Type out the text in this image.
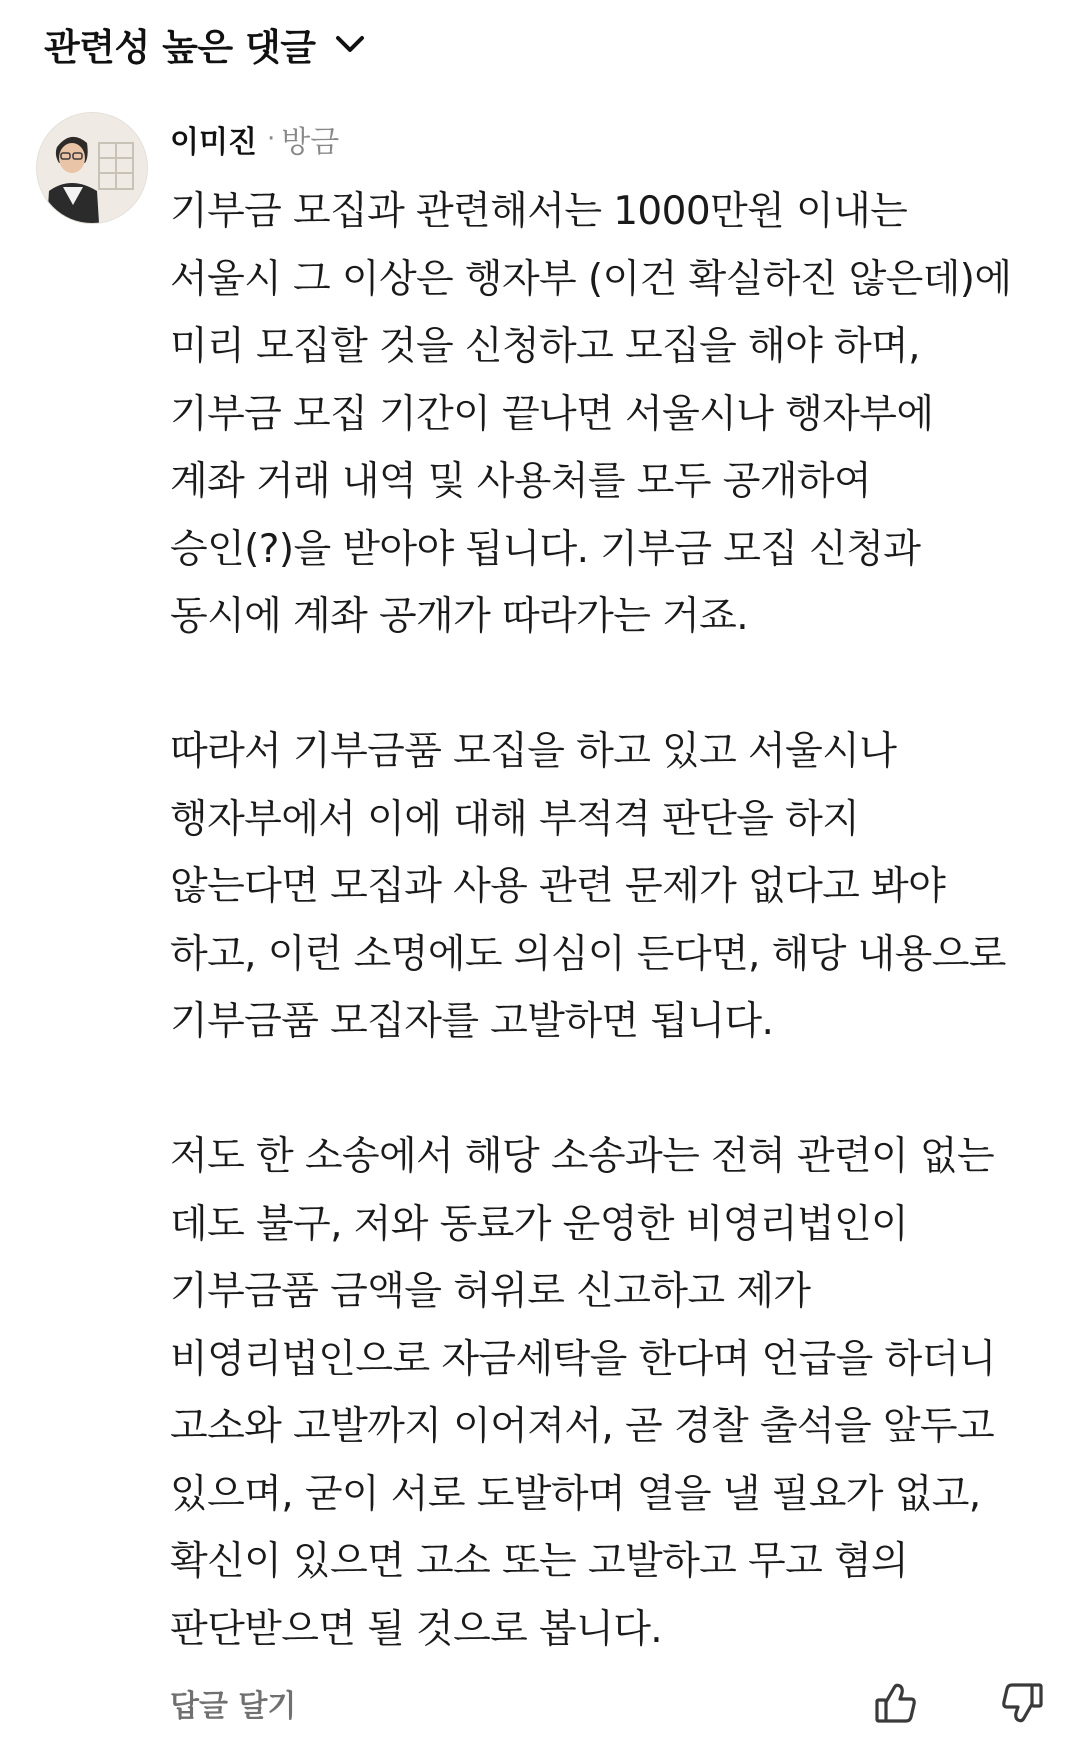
관련성 높은 댓글
이미진 · 방금
기부금 모집과 관련해서는 1000만원 이내는
서울시 그 이상은 행자부 (이건 확실하진 않은데)에
미리 모집할 것을 신청하고 모집을 해야 하며,
기부금 모집 기간이 끝나면 서울시나 행자부에
계좌 거래 내역 및 사용처를 모두 공개하여
승인(?)을 받아야 됩니다. 기부금 모집 신청과
동시에 계좌 공개가 따라가는 거죠.
따라서 기부금품 모집을 하고 있고 서울시나
행자부에서 이에 대해 부적격 판단을 하지
않는다면 모집과 사용 관련 문제가 없다고 봐야
하고, 이런 소명에도 의심이 든다면, 해당 내용으로
기부금품 모집자를 고발하면 됩니다.
저도 한 소송에서 해당 소송과는 전혀 관련이 없는
데도 불구, 저와 동료가 운영한 비영리법인이
기부금품 금액을 허위로 신고하고 제가
비영리법인으로 자금세탁을 한다며 언급을 하더니
고소와 고발까지 이어져서, 곧 경찰 출석을 앞두고
있으며, 굳이 서로 도발하며 열을 낼 필요가 없고,
확신이 있으면 고소 또는 고발하고 무고 혐의
판단받으면 될 것으로 봅니다.
답글 달기
